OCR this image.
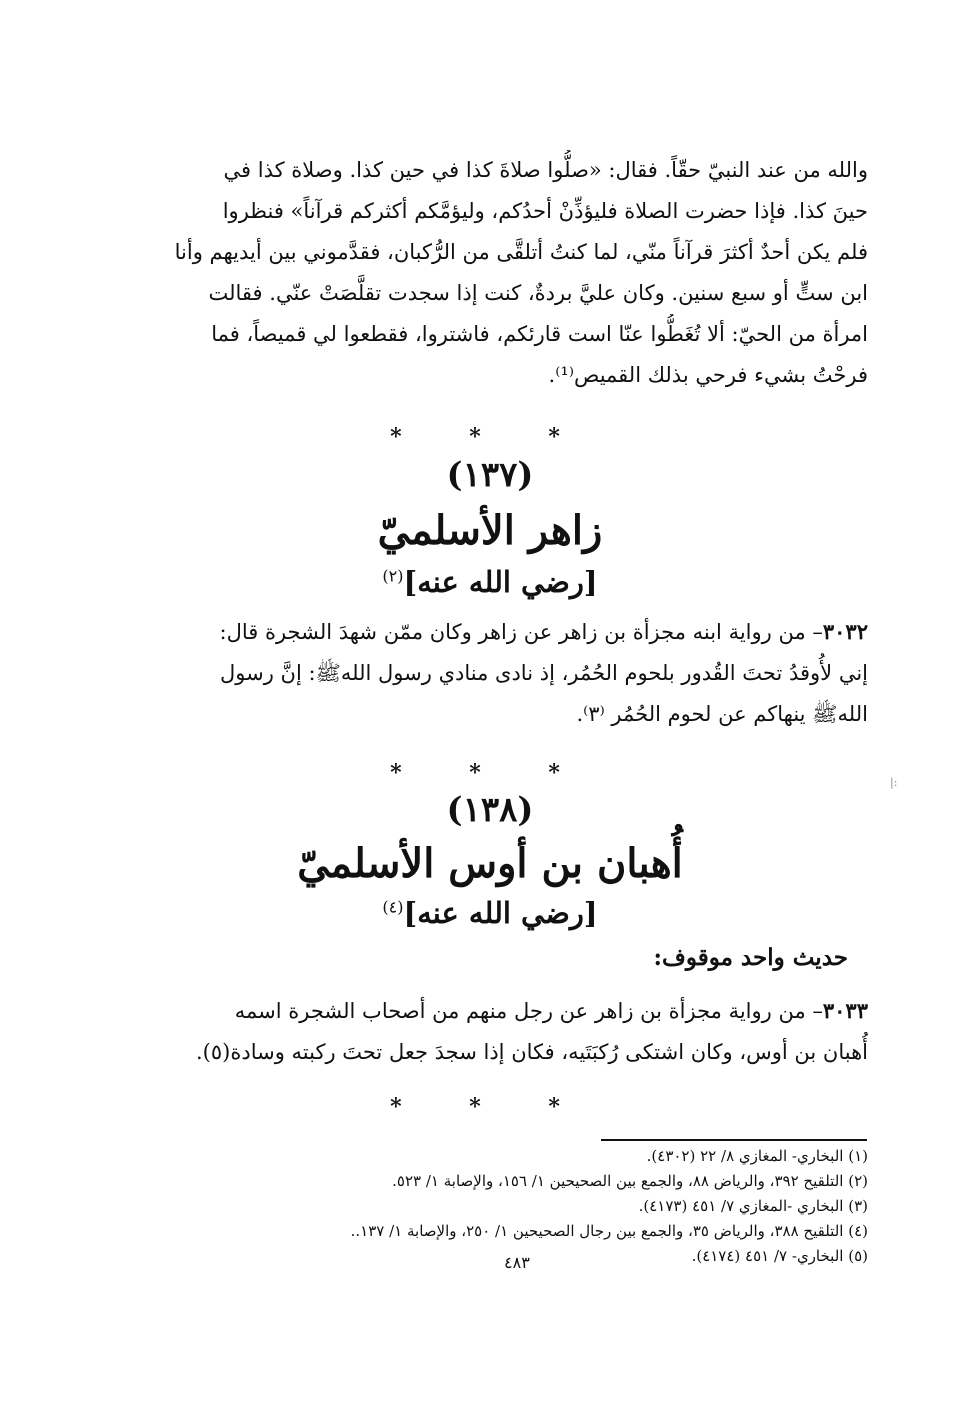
والله من عند النبيّ حقّاً. فقال: «صلُّوا صلاةَ كذا في حين كذا. وصلاة كذا في
حينَ كذا. فإذا حضرت الصلاة فليؤذِّنْ أحدُكم، وليؤمَّكم أكثركم قرآناً» فنظروا
فلم يكن أحدٌ أكثرَ قرآناً منّي، لما كنتُ أتلقَّى من الرُّكبان، فقدَّموني بين أيديهم وأنا
ابن ستٍّ أو سبع سنين. وكان عليَّ بردةٌ، كنت إذا سجدت تقلَّصَتْ عنّي. فقالت
امرأة من الحيّ: ألا تُغَطُّوا عنّا است قارئكم، فاشتروا، فقطعوا لي قميصاً، فما
فرحْتُ بشيء فرحي بذلك القميص⁽¹⁾.
* * *
(١٣٧)
زاهر الأسلميّ
[رضي الله عنه]$^{(٢)}$
٣٠٣٢– من رواية ابنه مجزأة بن زاهر عن زاهر وكان ممّن شهدَ الشجرة قال:
إني لأُوقدُ تحتَ القُدور بلحوم الحُمُر، إذ نادى منادي رسول اللهﷺ: إنَّ رسول
اللهﷺ ينهاكم عن لحوم الحُمُر ⁽٣⁾.
* * *
(١٣٨)
أُهبان بن أوس الأسلميّ
[رضي الله عنه]$^{(٤)}$
حديث واحد موقوف:
٣٠٣٣– من رواية مجزأة بن زاهر عن رجل منهم من أصحاب الشجرة اسمه
أُهبان بن أوس، وكان اشتكى رُكبَتَيه، فكان إذا سجدَ جعل تحتَ ركبته وسادة(٥).
* * *
(١) البخاري- المغازي ٨/ ٢٢ (٤٣٠٢).
(٢) التلقيح ٣٩٢، والرياض ٨٨، والجمع بين الصحيحين ١/ ١٥٦، والإصابة ١/ ٥٢٣.
(٣) البخاري -المغازي ٧/ ٤٥١ (٤١٧٣).
(٤) التلقيح ٣٨٨، والرياض ٣٥، والجمع بين رجال الصحيحين ١/ ٢٥٠، والإصابة ١/ ١٣٧..
(٥) البخاري- ٧/ ٤٥١ (٤١٧٤).
٤٨٣
|:
